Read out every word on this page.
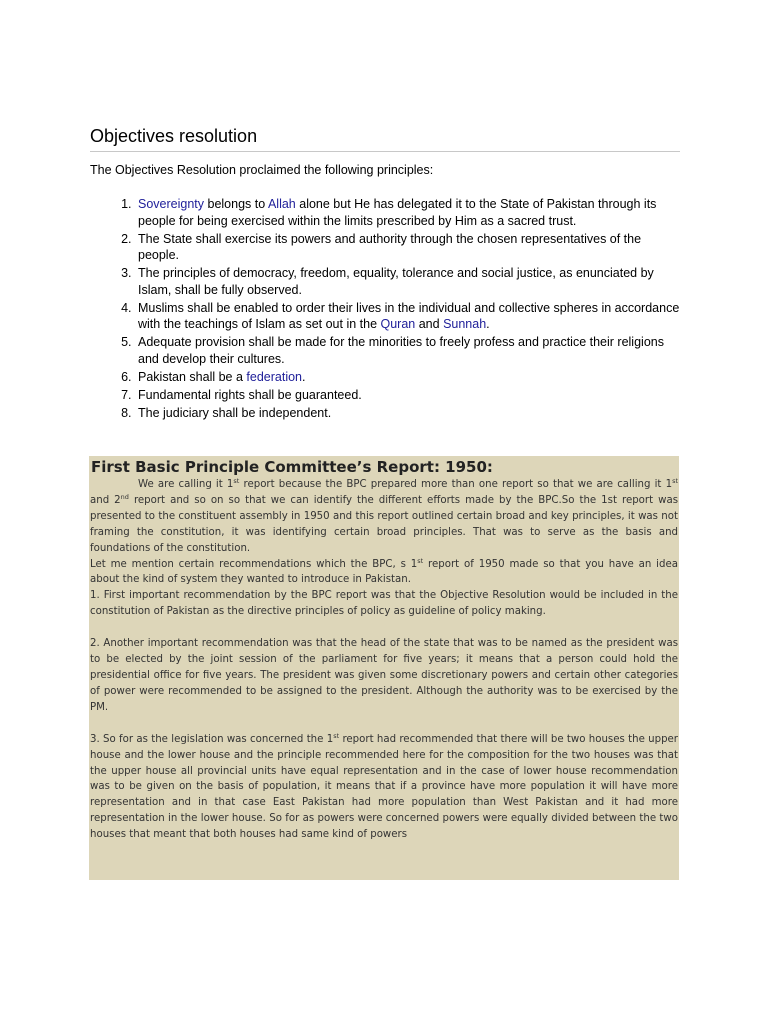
Objectives resolution

The Objectives Resolution proclaimed the following principles:

1. Sovereignty belongs to Allah alone but He has delegated it to the State of Pakistan through its people for being exercised within the limits prescribed by Him as a sacred trust.
2. The State shall exercise its powers and authority through the chosen representatives of the people.
3. The principles of democracy, freedom, equality, tolerance and social justice, as enunciated by Islam, shall be fully observed.
4. Muslims shall be enabled to order their lives in the individual and collective spheres in accordance with the teachings of Islam as set out in the Quran and Sunnah.
5. Adequate provision shall be made for the minorities to freely profess and practice their religions and develop their cultures.
6. Pakistan shall be a federation.
7. Fundamental rights shall be guaranteed.
8. The judiciary shall be independent.
First Basic Principle Committee’s Report: 1950:

We are calling it 1st report because the BPC prepared more than one report so that we are calling it 1st and 2nd report and so on so that we can identify the different efforts made by the BPC.So the 1st report was presented to the constituent assembly in 1950 and this report outlined certain broad and key principles, it was not framing the constitution, it was identifying certain broad principles. That was to serve as the basis and foundations of the constitution.

Let me mention certain recommendations which the BPC, s 1st report of 1950 made so that you have an idea about the kind of system they wanted to introduce in Pakistan.

1. First important recommendation by the BPC report was that the Objective Resolution would be included in the constitution of Pakistan as the directive principles of policy as guideline of policy making.

2. Another important recommendation was that the head of the state that was to be named as the president was to be elected by the joint session of the parliament for five years; it means that a person could hold the presidential office for five years. The president was given some discretionary powers and certain other categories of power were recommended to be assigned to the president. Although the authority was to be exercised by the PM.

3. So for as the legislation was concerned the 1st report had recommended that there will be two houses the upper house and the lower house and the principle recommended here for the composition for the two houses was that the upper house all provincial units have equal representation and in the case of lower house recommendation was to be given on the basis of population, it means that if a province have more population it will have more representation and in that case East Pakistan had more population than West Pakistan and it had more representation in the lower house. So for as powers were concerned powers were equally divided between the two houses that meant that both houses had same kind of powers
